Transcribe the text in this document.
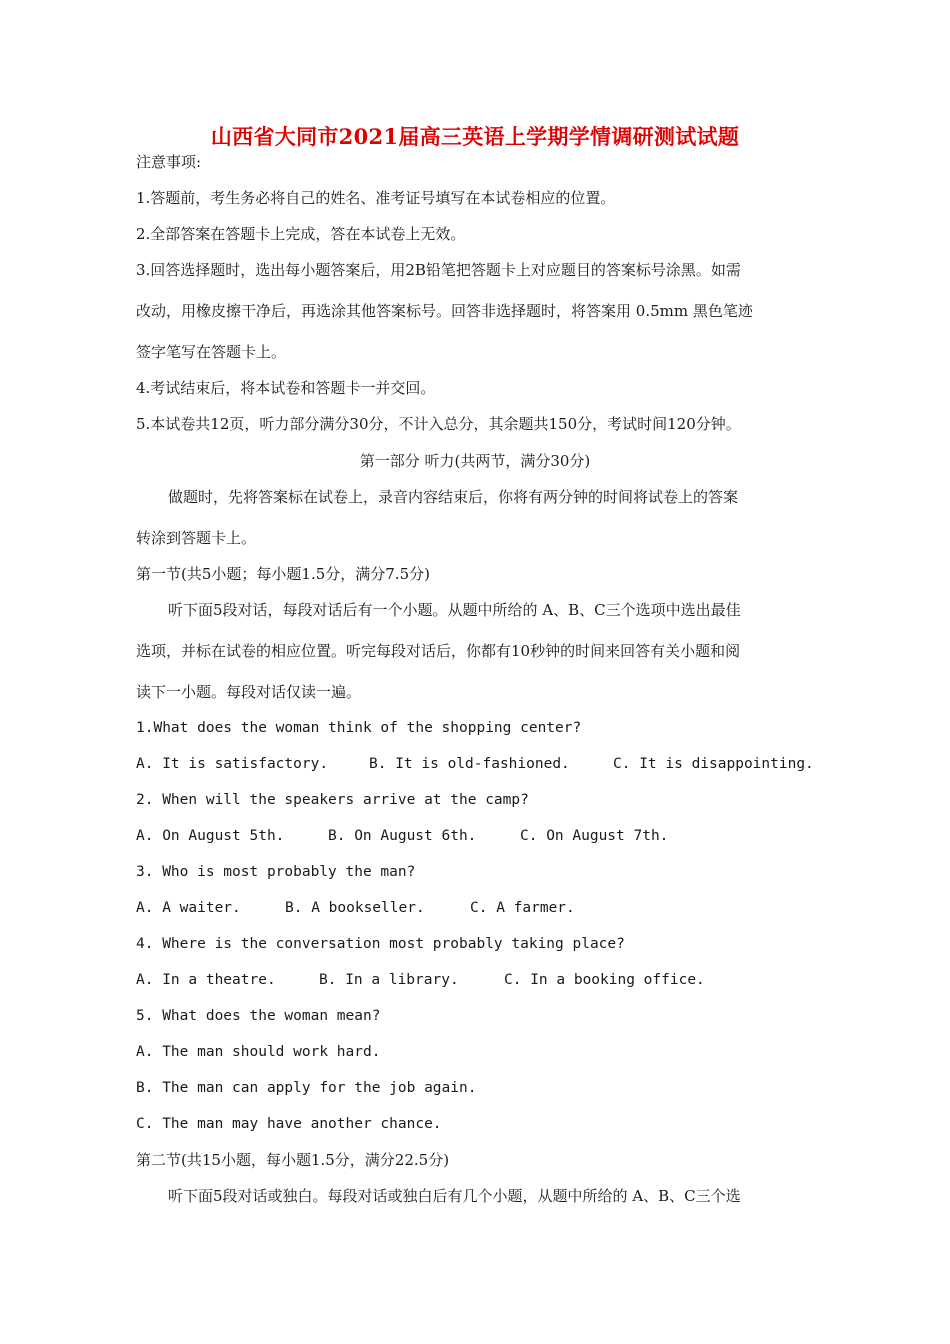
山西省大同市2021届高三英语上学期学情调研测试试题
注意事项:
1.答题前，考生务必将自己的姓名、准考证号填写在本试卷相应的位置。
2.全部答案在答题卡上完成，答在本试卷上无效。
3.回答选择题时，选出每小题答案后，用2B铅笔把答题卡上对应题目的答案标号涂黑。如需
改动，用橡皮擦干净后，再选涂其他答案标号。回答非选择题时，将答案用 0.5mm 黑色笔迹
签字笔写在答题卡上。
4.考试结束后，将本试卷和答题卡一并交回。
5.本试卷共12页，听力部分满分30分，不计入总分，其余题共150分，考试时间120分钟。
第一部分 听力(共两节，满分30分)
做题时，先将答案标在试卷上，录音内容结束后，你将有两分钟的时间将试卷上的答案
转涂到答题卡上。
第一节(共5小题；每小题1.5分，满分7.5分)
听下面5段对话，每段对话后有一个小题。从题中所给的 A、B、C三个选项中选出最佳
选项，并标在试卷的相应位置。听完每段对话后，你都有10秒钟的时间来回答有关小题和阅
读下一小题。每段对话仅读一遍。
1.What does the woman think of the shopping center?
A. It is satisfactory.	B. It is old-fashioned.	C. It is disappointing.
2. When will the speakers arrive at the camp?
A. On August 5th.	B. On August 6th.	C. On August 7th.
3. Who is most probably the man?
A. A waiter.	B. A bookseller.	C. A farmer.
4. Where is the conversation most probably taking place?
A. In a theatre.	B. In a library.	C. In a booking office.
5. What does the woman mean?
A. The man should work hard.
B. The man can apply for the job again.
C. The man may have another chance.
第二节(共15小题，每小题1.5分，满分22.5分)
听下面5段对话或独白。每段对话或独白后有几个小题，从题中所给的 A、B、C三个选
